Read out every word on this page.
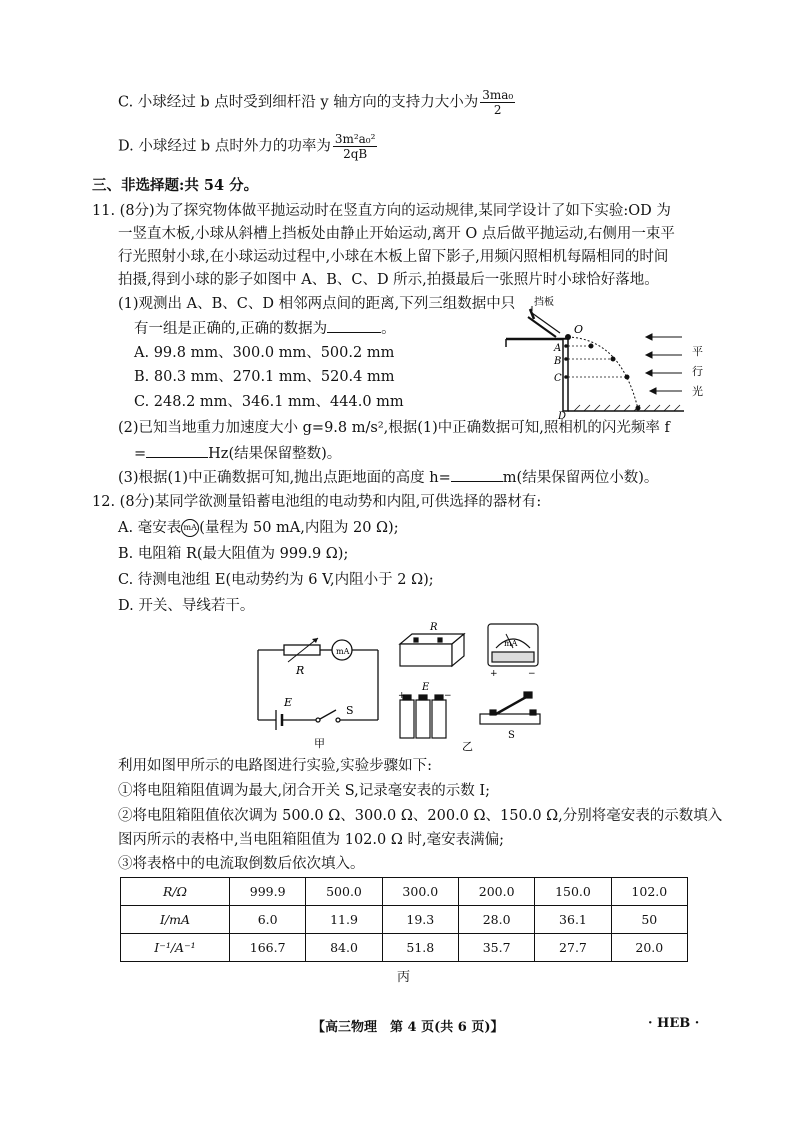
C. 小球经过 b 点时受到细杆沿 y 轴方向的支持力大小为 $\frac{\text{3ma₀}}{2}$
D. 小球经过 b 点时外力的功率为 $\frac{\text{3m²a₀²}}{2qB}$
三、非选择题:共 54 分。
11. (8分)为了探究物体做平抛运动时在竖直方向的运动规律,某同学设计了如下实验:OD 为
一竖直木板,小球从斜槽上挡板处由静止开始运动,离开 O 点后做平抛运动,右侧用一束平
行光照射小球,在小球运动过程中,小球在木板上留下影子,用频闪照相机每隔相同的时间
拍摄,得到小球的影子如图中 A、B、C、D 所示,拍摄最后一张照片时小球恰好落地。
(1)观测出 A、B、C、D 相邻两点间的距离,下列三组数据中只
有一组是正确的,正确的数据为	。
A. 99.8 mm、300.0 mm、500.2 mm
B. 80.3 mm、270.1 mm、520.4 mm
C. 248.2 mm、346.1 mm、444.0 mm
(2)已知当地重力加速度大小 g=9.8 m/s²,根据(1)中正确数据可知,照相机的闪光频率 f
=	Hz(结果保留整数)。
(3)根据(1)中正确数据可知,抛出点距地面的高度 h=	m(结果保留两位小数)。
挡板
O
A
B
C
D
平
行
光
12. (8分)某同学欲测量铅蓄电池组的电动势和内阻,可供选择的器材有:
A. 毫安表 mA (量程为 50 mA,内阻为 20 Ω);
B. 电阻箱 R(最大阻值为 999.9 Ω);
C. 待测电池组 E(电动势约为 6 V,内阻小于 2 Ω);
D. 开关、导线若干。
mA
R
E
S
甲
R
mA
+	−
E
+	−
S
乙
利用如图甲所示的电路图进行实验,实验步骤如下:
①将电阻箱阻值调为最大,闭合开关 S,记录毫安表的示数 I;
②将电阻箱阻值依次调为 500.0 Ω、300.0 Ω、200.0 Ω、150.0 Ω,分别将毫安表的示数填入
图丙所示的表格中,当电阻箱阻值为 102.0 Ω 时,毫安表满偏;
③将表格中的电流取倒数后依次填入。
R/Ω	999.9	500.0	300.0	200.0	150.0	102.0
I/mA	6.0	11.9	19.3	28.0	36.1	50
I⁻¹/A⁻¹	166.7	84.0	51.8	35.7	27.7	20.0
丙
【高三物理　第 4 页(共 6 页)】	· HEB ·
